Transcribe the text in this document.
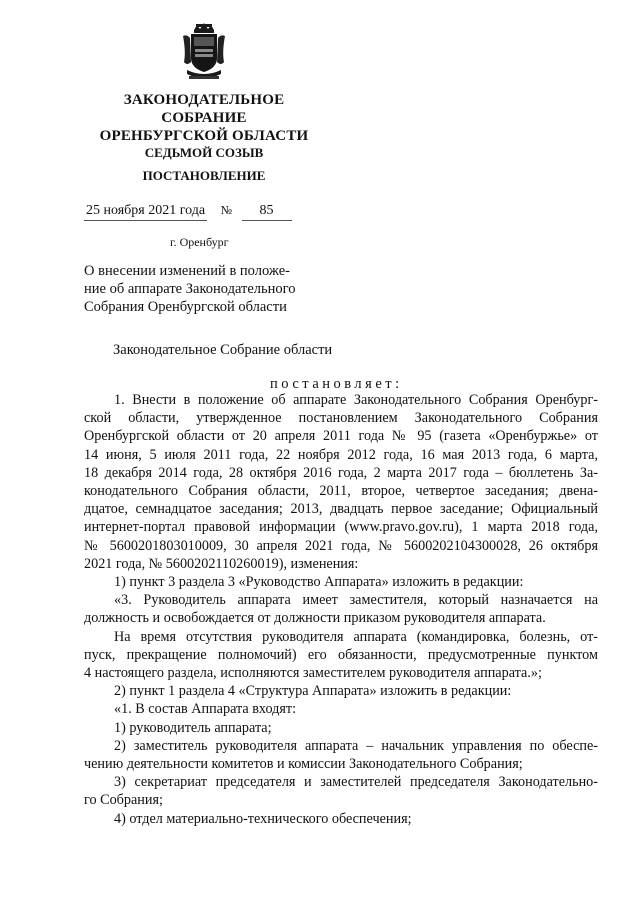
ЗАКОНОДАТЕЛЬНОЕ
СОБРАНИЕ
ОРЕНБУРГСКОЙ ОБЛАСТИ
СЕДЬМОЙ СОЗЫВ
ПОСТАНОВЛЕНИЕ
25 ноября 2021 года № 85
г. Оренбург
О внесении изменений в положе-
ние об аппарате Законодательного
Собрания Оренбургской области
Законодательное Собрание области
постановляет:
1. Внести в положение об аппарате Законодательного Собрания Оренбург-
ской области, утвержденное постановлением Законодательного Собрания
Оренбургской области от 20 апреля 2011 года № 95 (газета «Оренбуржье» от
14 июня, 5 июля 2011 года, 22 ноября 2012 года, 16 мая 2013 года, 6 марта,
18 декабря 2014 года, 28 октября 2016 года, 2 марта 2017 года – бюллетень За-
конодательного Собрания области, 2011, второе, четвертое заседания; двена-
дцатое, семнадцатое заседания; 2013, двадцать первое заседание; Официальный
интернет-портал правовой информации (www.pravo.gov.ru), 1 марта 2018 года,
№ 5600201803010009, 30 апреля 2021 года, № 5600202104300028, 26 октября
2021 года, № 5600202110260019), изменения:
1) пункт 3 раздела 3 «Руководство Аппарата» изложить в редакции:
«3. Руководитель аппарата имеет заместителя, который назначается на
должность и освобождается от должности приказом руководителя аппарата.
На время отсутствия руководителя аппарата (командировка, болезнь, от-
пуск, прекращение полномочий) его обязанности, предусмотренные пунктом
4 настоящего раздела, исполняются заместителем руководителя аппарата.»;
2) пункт 1 раздела 4 «Структура Аппарата» изложить в редакции:
«1. В состав Аппарата входят:
1) руководитель аппарата;
2) заместитель руководителя аппарата – начальник управления по обеспе-
чению деятельности комитетов и комиссии Законодательного Собрания;
3) секретариат председателя и заместителей председателя Законодательно-
го Собрания;
4) отдел материально-технического обеспечения;
